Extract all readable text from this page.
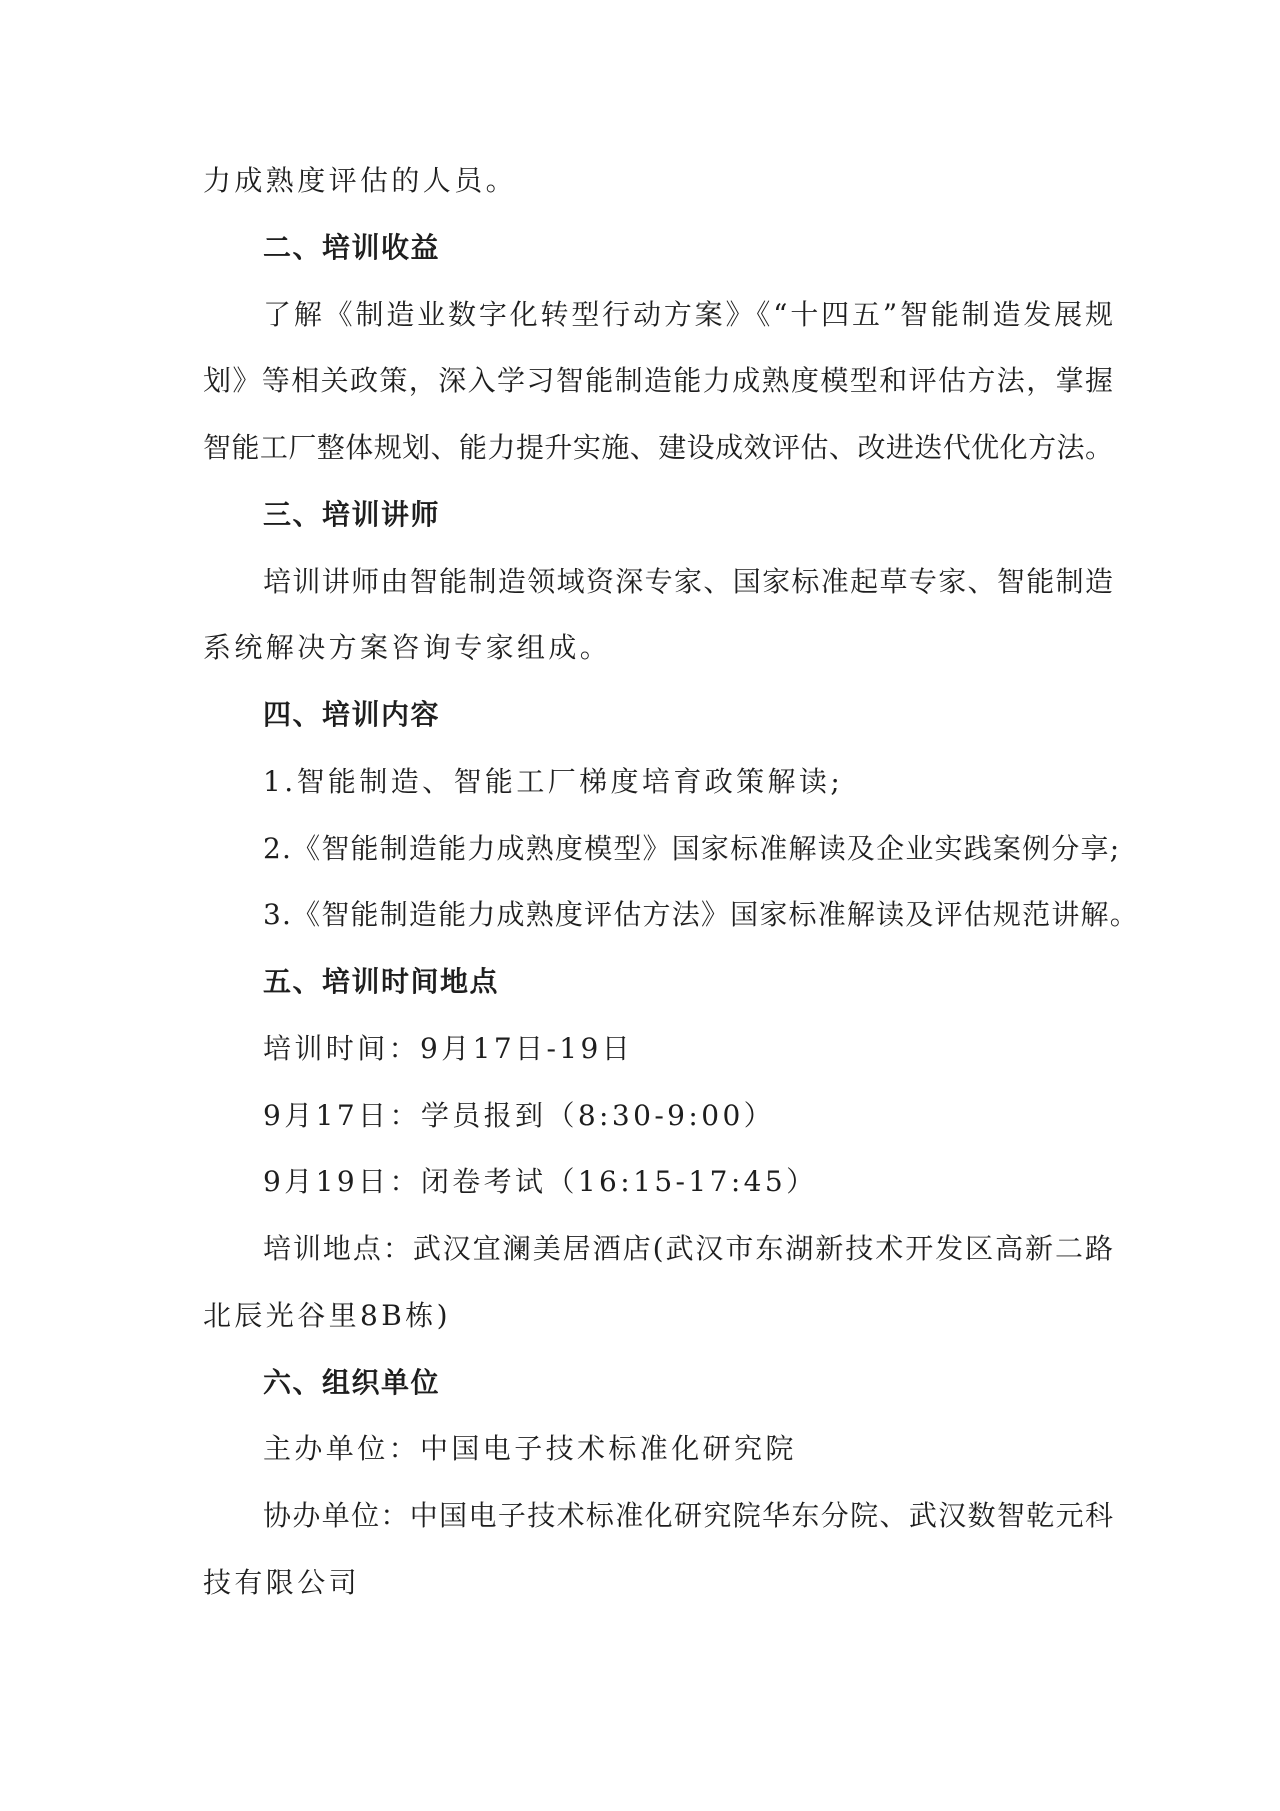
力成熟度评估的人员。
二、培训收益
了解《制造业数字化转型行动方案》《“十四五”智能制造发展规
划》等相关政策，深入学习智能制造能力成熟度模型和评估方法，掌握
智能工厂整体规划、能力提升实施、建设成效评估、改进迭代优化方法。
三、培训讲师
培训讲师由智能制造领域资深专家、国家标准起草专家、智能制造
系统解决方案咨询专家组成。
四、培训内容
1.智能制造、智能工厂梯度培育政策解读;
2.《智能制造能力成熟度模型》国家标准解读及企业实践案例分享;
3.《智能制造能力成熟度评估方法》国家标准解读及评估规范讲解。
五、培训时间地点
培训时间：9月17日-19日
9月17日：学员报到（8:30-9:00）
9月19日：闭卷考试（16:15-17:45）
培训地点：武汉宜澜美居酒店(武汉市东湖新技术开发区高新二路
北辰光谷里8B栋)
六、组织单位
主办单位：中国电子技术标准化研究院
协办单位：中国电子技术标准化研究院华东分院、武汉数智乾元科
技有限公司
